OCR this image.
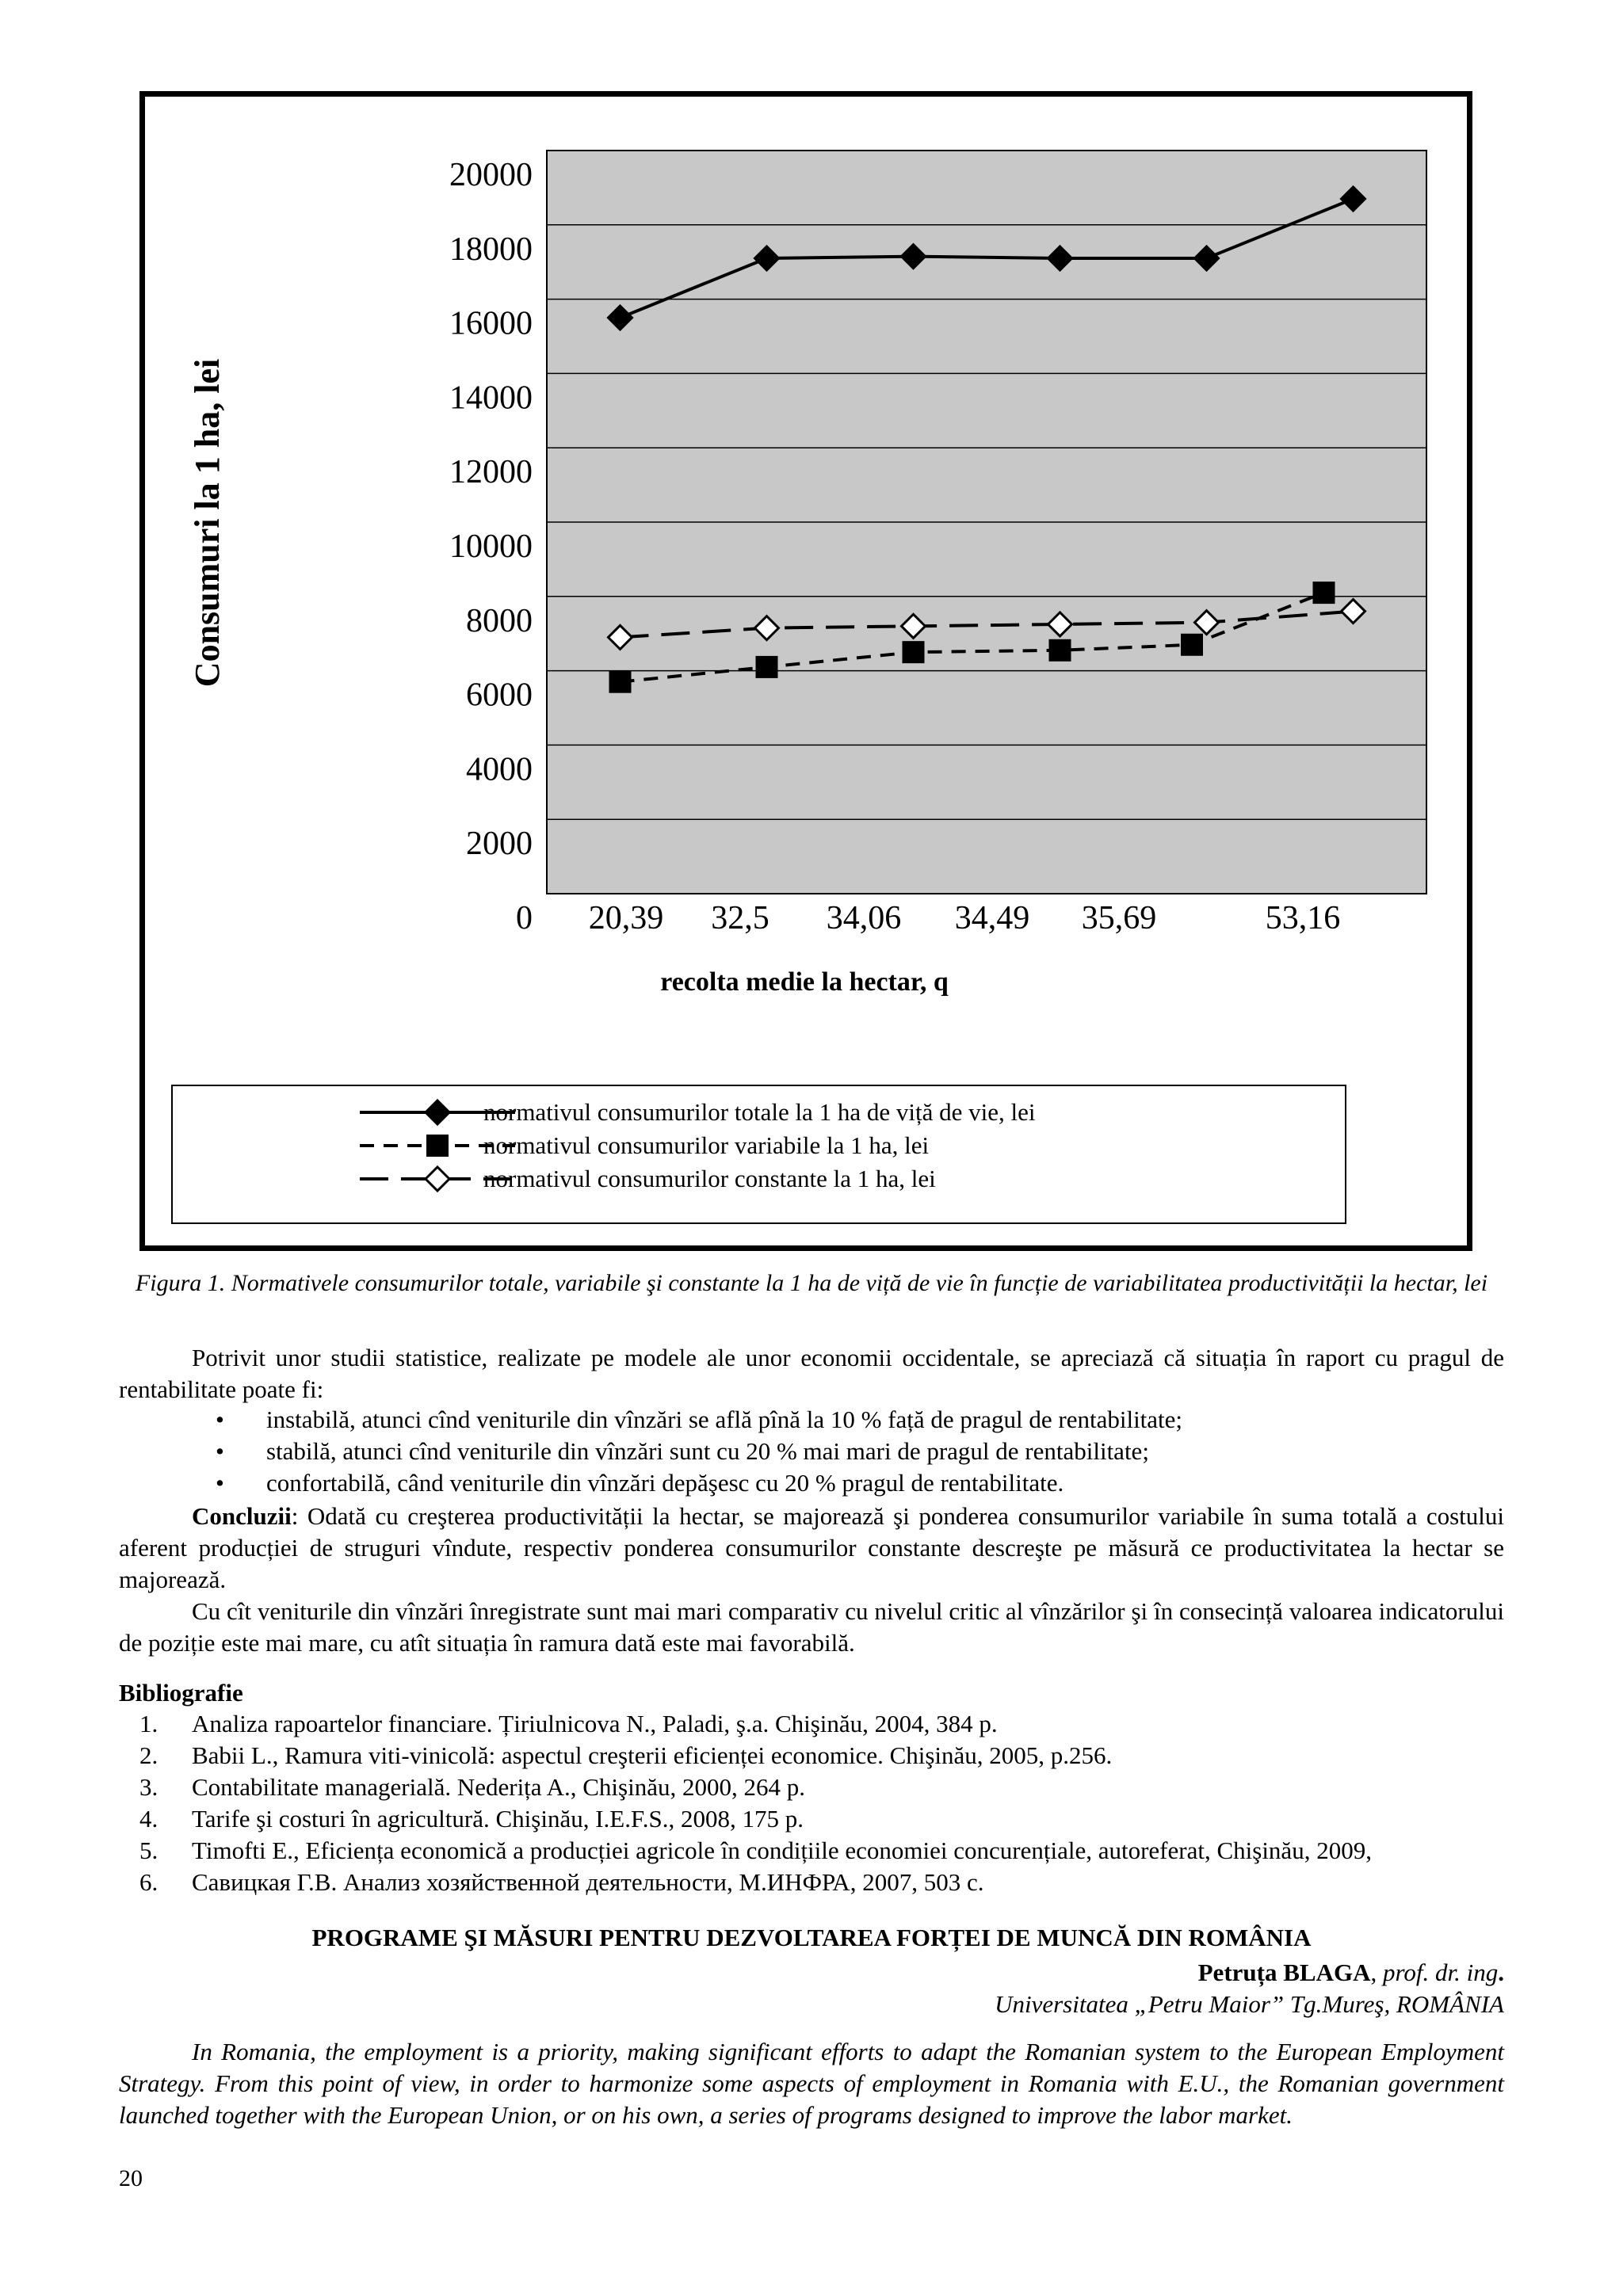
20000
18000
16000
14000
12000
10000
8000
6000
4000
2000
0 20,39 32,5 34,06 34,49 35,69	53,16
recolta medie la hectar, q
Consumuri la 1 ha, lei
normativul consumurilor totale la 1 ha de viță de vie, lei
normativul consumurilor variabile la 1 ha, lei
normativul consumurilor constante la 1 ha, lei
Figura 1. Normativele consumurilor totale, variabile şi constante la 1 ha de viță de vie în funcție de variabilitatea productivității la hectar, lei

Potrivit unor studii statistice, realizate pe modele ale unor economii occidentale, se apreciază că situația în raport cu pragul de rentabilitate poate fi:

• instabilă, atunci cînd veniturile din vînzări se află pînă la 10 % față de pragul de rentabilitate;
• stabilă, atunci cînd veniturile din vînzări sunt cu 20 % mai mari de pragul de rentabilitate;
• confortabilă, când veniturile din vînzări depăşesc cu 20 % pragul de rentabilitate.

Concluzii: Odată cu creşterea productivității la hectar, se majorează şi ponderea consumurilor variabile în suma totală a costului aferent producției de struguri vîndute, respectiv ponderea consumurilor constante descreşte pe măsură ce productivitatea la hectar se majorează.

Cu cît veniturile din vînzări înregistrate sunt mai mari comparativ cu nivelul critic al vînzărilor şi în consecință valoarea indicatorului de poziție este mai mare, cu atît situația în ramura dată este mai favorabilă.

Bibliografie
1. Analiza rapoartelor financiare. Țiriulnicova N., Paladi, ş.a. Chişinău, 2004, 384 p.
2. Babii L., Ramura viti-vinicolă: aspectul creşterii eficienței economice. Chişinău, 2005, p.256.
3. Contabilitate managerială. Nederița A., Chişinău, 2000, 264 p.
4. Tarife şi costuri în agricultură. Chişinău, I.E.F.S., 2008, 175 p.
5. Timofti E., Eficiența economică a producției agricole în condițiile economiei concurențiale, autoreferat, Chişinău, 2009,
6. Савицкая Г.В. Анализ хозяйственной деятельности, М.ИНФРА, 2007, 503 с.
PROGRAME ŞI MĂSURI PENTRU DEZVOLTAREA FORȚEI DE MUNCĂ DIN ROMÂNIA
Petruța BLAGA, prof. dr. ing.
Universitatea „Petru Maior” Tg.Mureş, ROMÂNIA

In Romania, the employment is a priority, making significant efforts to adapt the Romanian system to the European Employment Strategy. From this point of view, in order to harmonize some aspects of employment in Romania with E.U., the Romanian government launched together with the European Union, or on his own, a series of programs designed to improve the labor market.

20
